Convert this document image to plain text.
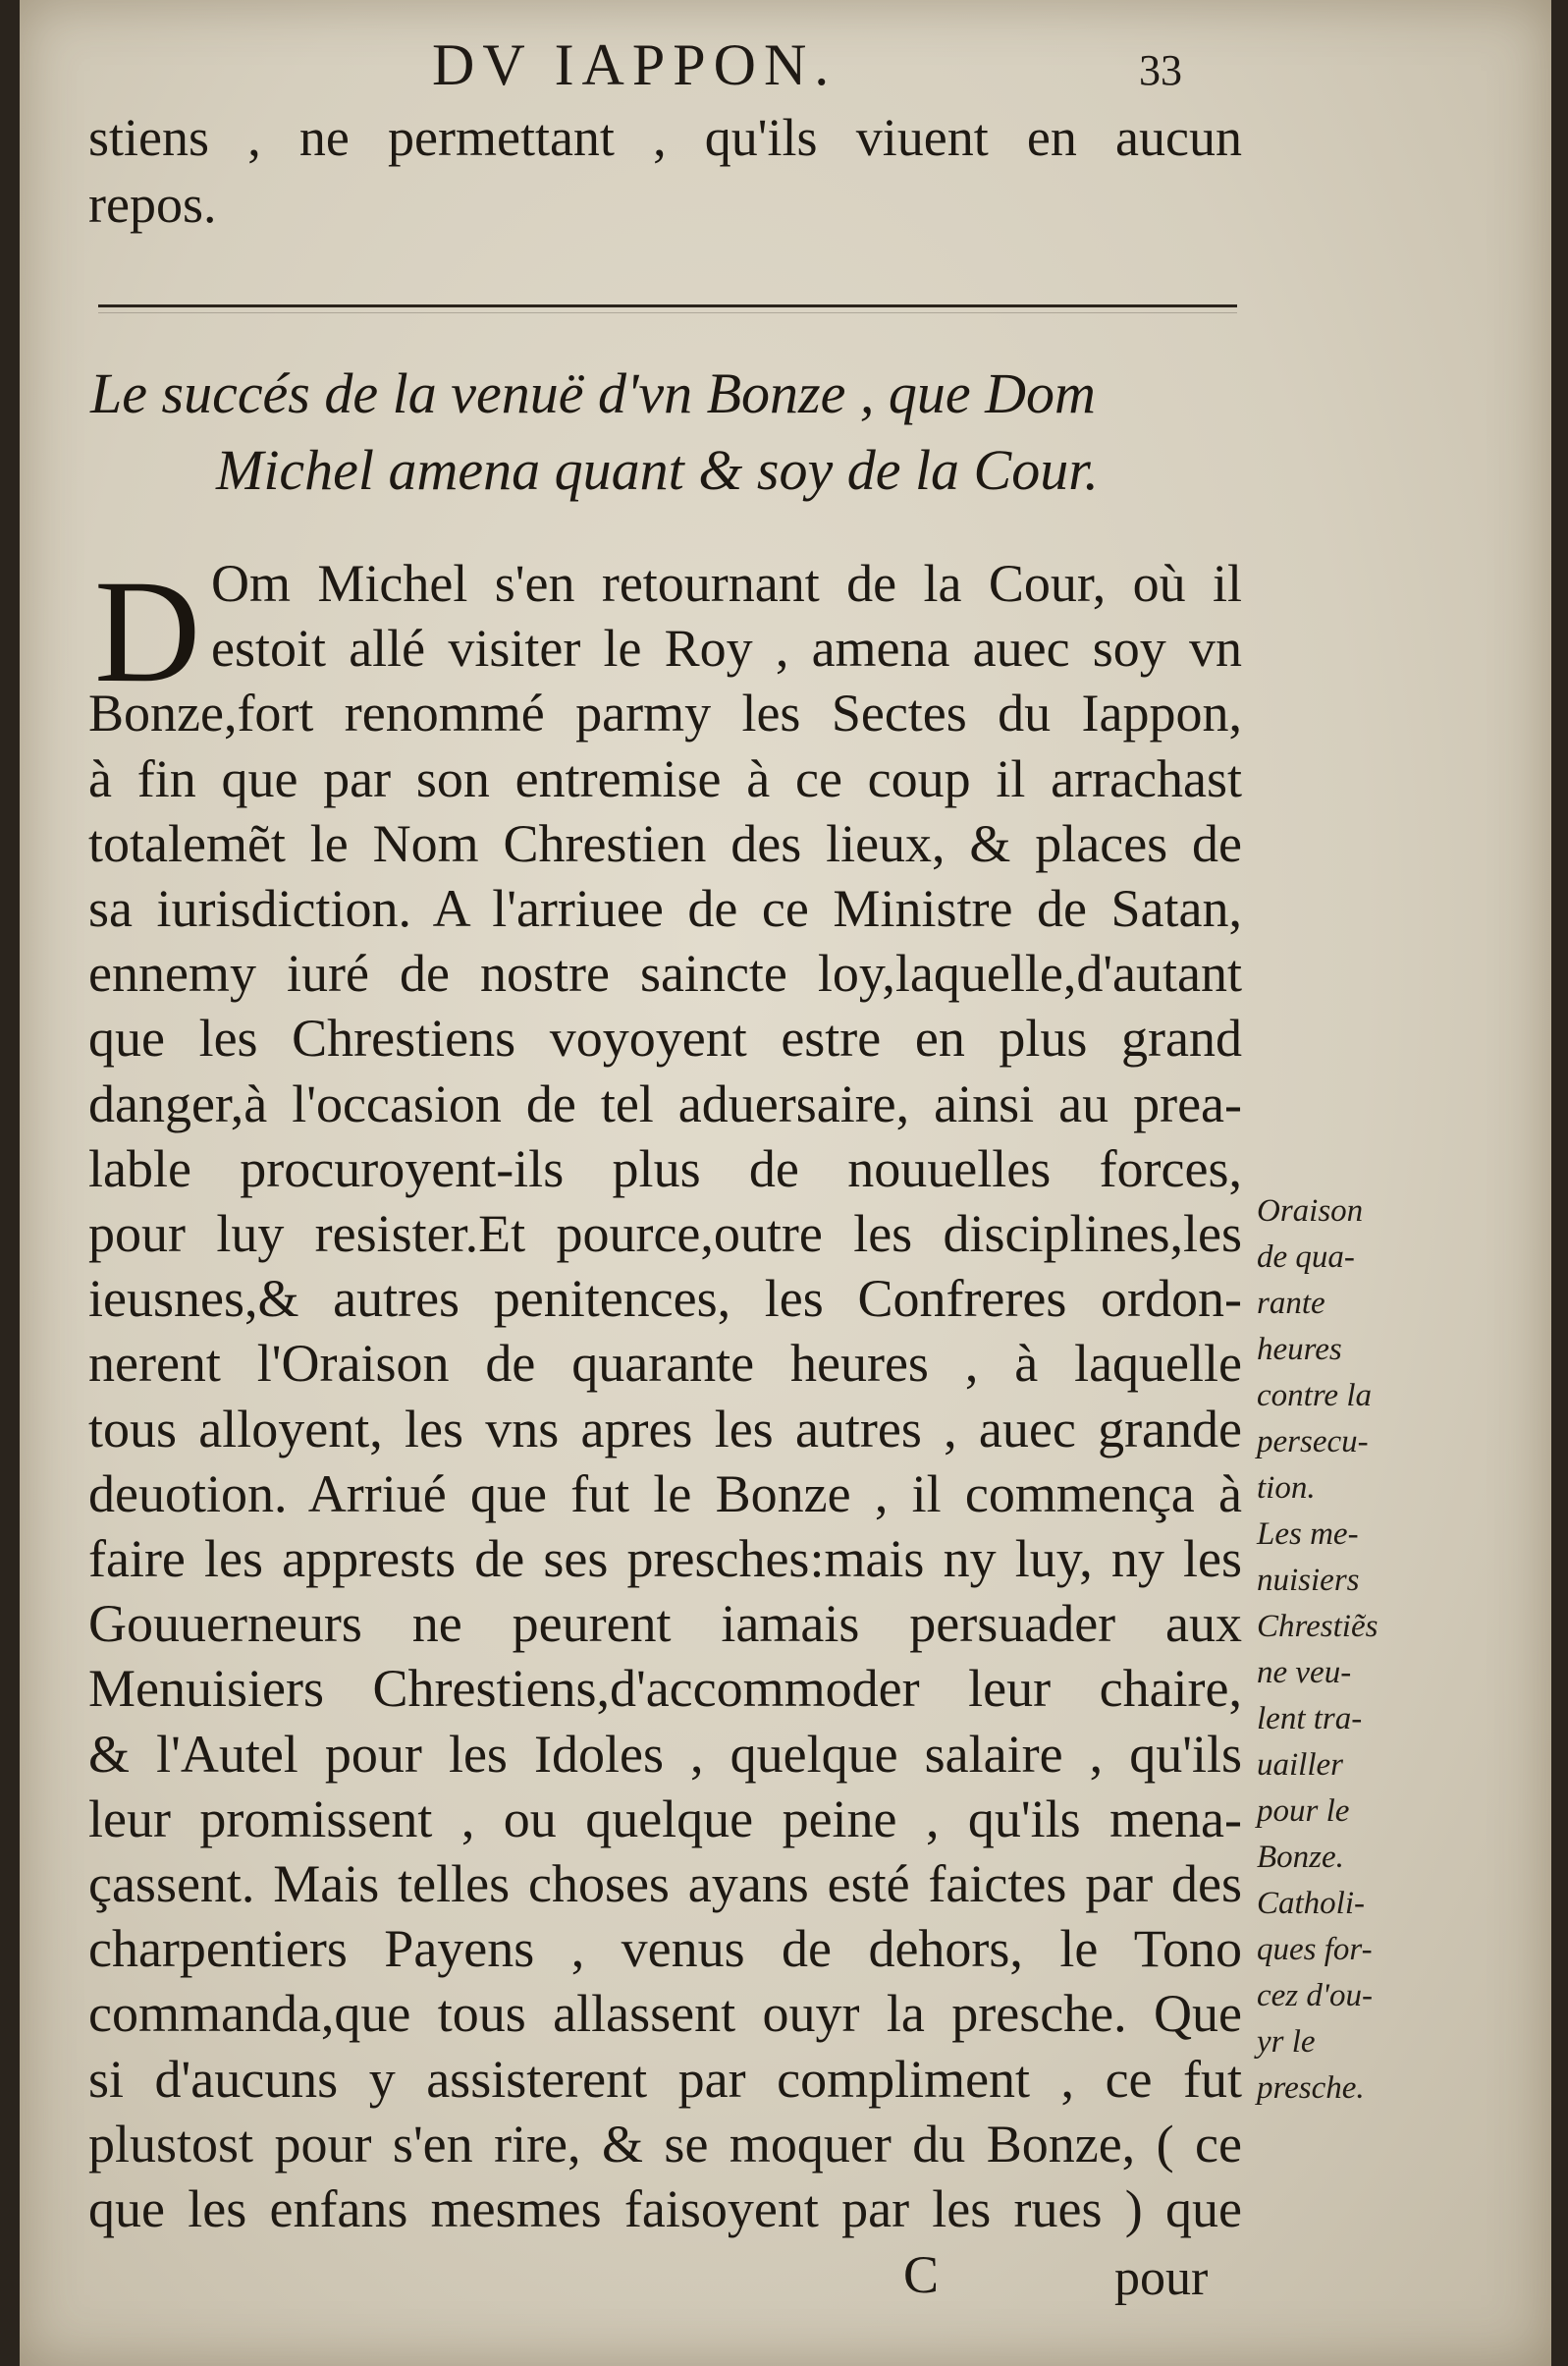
DV IAPPON.	33
stiens , ne permettant , qu'ils viuent en aucun
repos.
Le succés de la venuë d'vn Bonze , que Dom
Michel amena quant & soy de la Cour.
D Om Michel s'en retournant de la Cour, où il
estoit allé visiter le Roy , amena auec soy vn
Bonze,fort renommé parmy les Sectes du Iappon,
à fin que par son entremise à ce coup il arrachast
totalemẽt le Nom Chrestien des lieux, & places de
sa iurisdiction. A l'arriuee de ce Ministre de Satan,
ennemy iuré de nostre saincte loy,laquelle,d'autant
que les Chrestiens voyoyent estre en plus grand
danger,à l'occasion de tel aduersaire, ainsi au prea-
lable procuroyent-ils plus de nouuelles forces,
pour luy resister.Et pource,outre les disciplines,les
ieusnes,& autres penitences, les Confreres ordon-
nerent l'Oraison de quarante heures , à laquelle
tous alloyent, les vns apres les autres , auec grande
deuotion. Arriué que fut le Bonze , il commença à
faire les apprests de ses presches:mais ny luy, ny les
Gouuerneurs ne peurent iamais persuader aux
Menuisiers Chrestiens,d'accommoder leur chaire,
& l'Autel pour les Idoles , quelque salaire , qu'ils
leur promissent , ou quelque peine , qu'ils mena-
çassent. Mais telles choses ayans esté faictes par des
charpentiers Payens , venus de dehors, le Tono
commanda,que tous allassent ouyr la presche. Que
si d'aucuns y assisterent par compliment , ce fut
plustost pour s'en rire, & se moquer du Bonze, ( ce
que les enfans mesmes faisoyent par les rues ) que
Oraison
de qua-
rante
heures
contre la
persecu-
tion.
Les me-
nuisiers
Chrestiẽs
ne veu-
lent tra-
uailler
pour le
Bonze.
Catholi-
ques for-
cez d'ou-
yr le
presche.
C	pour
